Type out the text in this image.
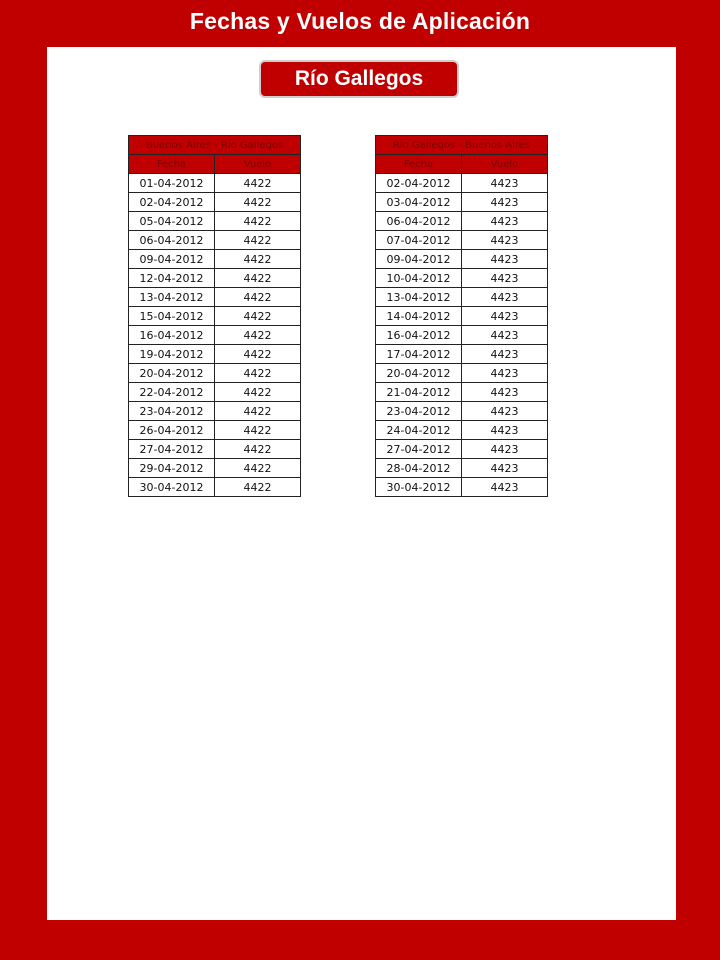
Fechas y Vuelos de Aplicación
Río Gallegos
Buenos Aires - Río Gallegos	
Fecha	Vuelo
01-04-2012	4422
02-04-2012	4422
05-04-2012	4422
06-04-2012	4422
09-04-2012	4422
12-04-2012	4422
13-04-2012	4422
15-04-2012	4422
16-04-2012	4422
19-04-2012	4422
20-04-2012	4422
22-04-2012	4422
23-04-2012	4422
26-04-2012	4422
27-04-2012	4422
29-04-2012	4422
30-04-2012	4422
Río Gallegos - Buenos Aires	
Fecha	Vuelo
02-04-2012	4423
03-04-2012	4423
06-04-2012	4423
07-04-2012	4423
09-04-2012	4423
10-04-2012	4423
13-04-2012	4423
14-04-2012	4423
16-04-2012	4423
17-04-2012	4423
20-04-2012	4423
21-04-2012	4423
23-04-2012	4423
24-04-2012	4423
27-04-2012	4423
28-04-2012	4423
30-04-2012	4423
